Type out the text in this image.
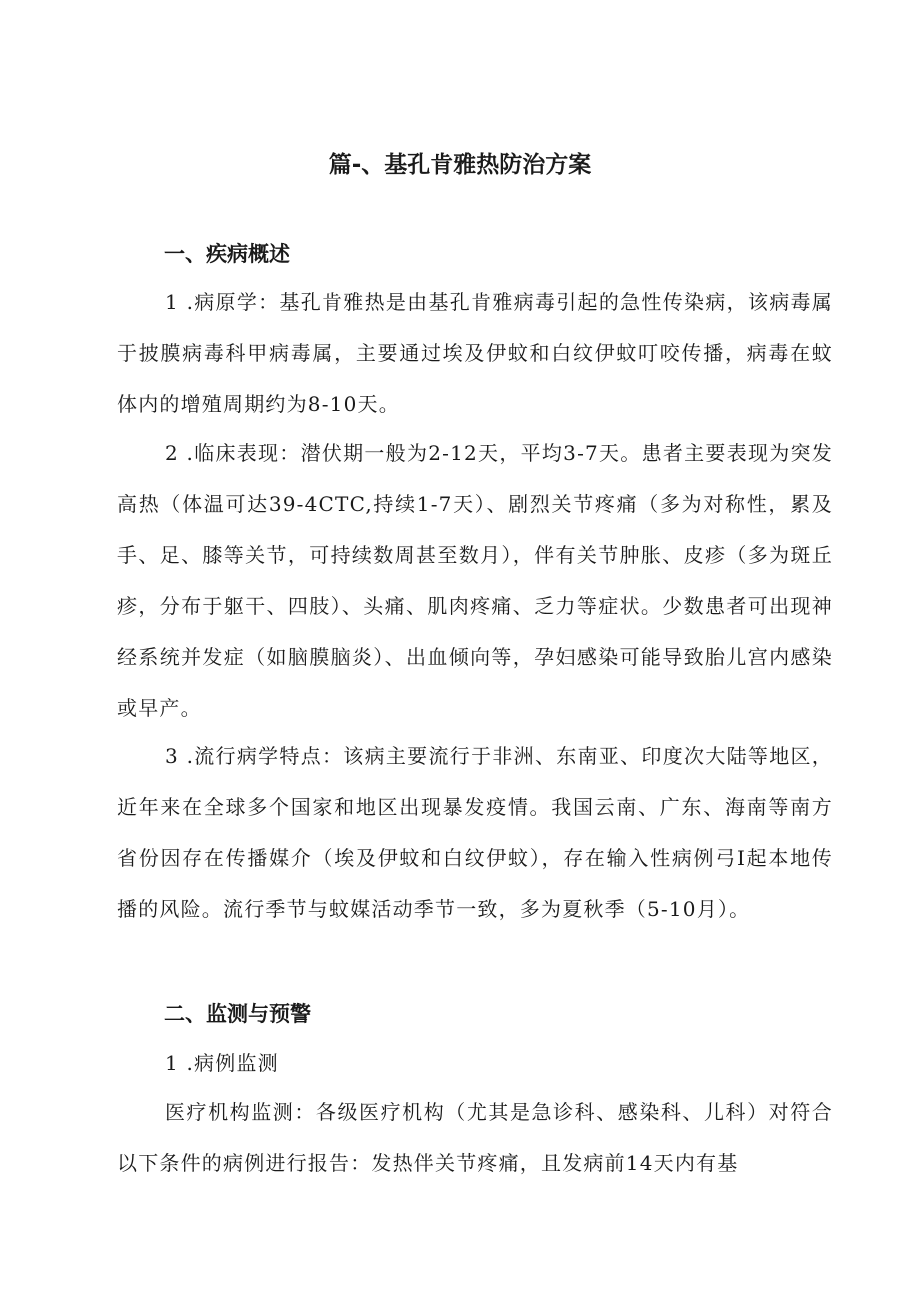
篇-、基孔肯雅热防治方案
一、疾病概述

1 .病原学：基孔肯雅热是由基孔肯雅病毒引起的急性传染病，该病毒属于披膜病毒科甲病毒属，主要通过埃及伊蚊和白纹伊蚊叮咬传播，病毒在蚊体内的增殖周期约为8-10天。

2 .临床表现：潜伏期一般为2-12天，平均3-7天。患者主要表现为突发高热（体温可达39-4CTC,持续1-7天）、剧烈关节疼痛（多为对称性，累及手、足、膝等关节，可持续数周甚至数月），伴有关节肿胀、皮疹（多为斑丘疹，分布于躯干、四肢）、头痛、肌肉疼痛、乏力等症状。少数患者可出现神经系统并发症（如脑膜脑炎）、出血倾向等，孕妇感染可能导致胎儿宫内感染或早产。

3 .流行病学特点：该病主要流行于非洲、东南亚、印度次大陆等地区，近年来在全球多个国家和地区出现暴发疫情。我国云南、广东、海南等南方省份因存在传播媒介（埃及伊蚊和白纹伊蚊），存在输入性病例弓I起本地传播的风险。流行季节与蚊媒活动季节一致，多为夏秋季（5-10月）。

二、监测与预警
1 .病例监测

医疗机构监测：各级医疗机构（尤其是急诊科、感染科、儿科）对符合以下条件的病例进行报告：发热伴关节疼痛，且发病前14天内有基
